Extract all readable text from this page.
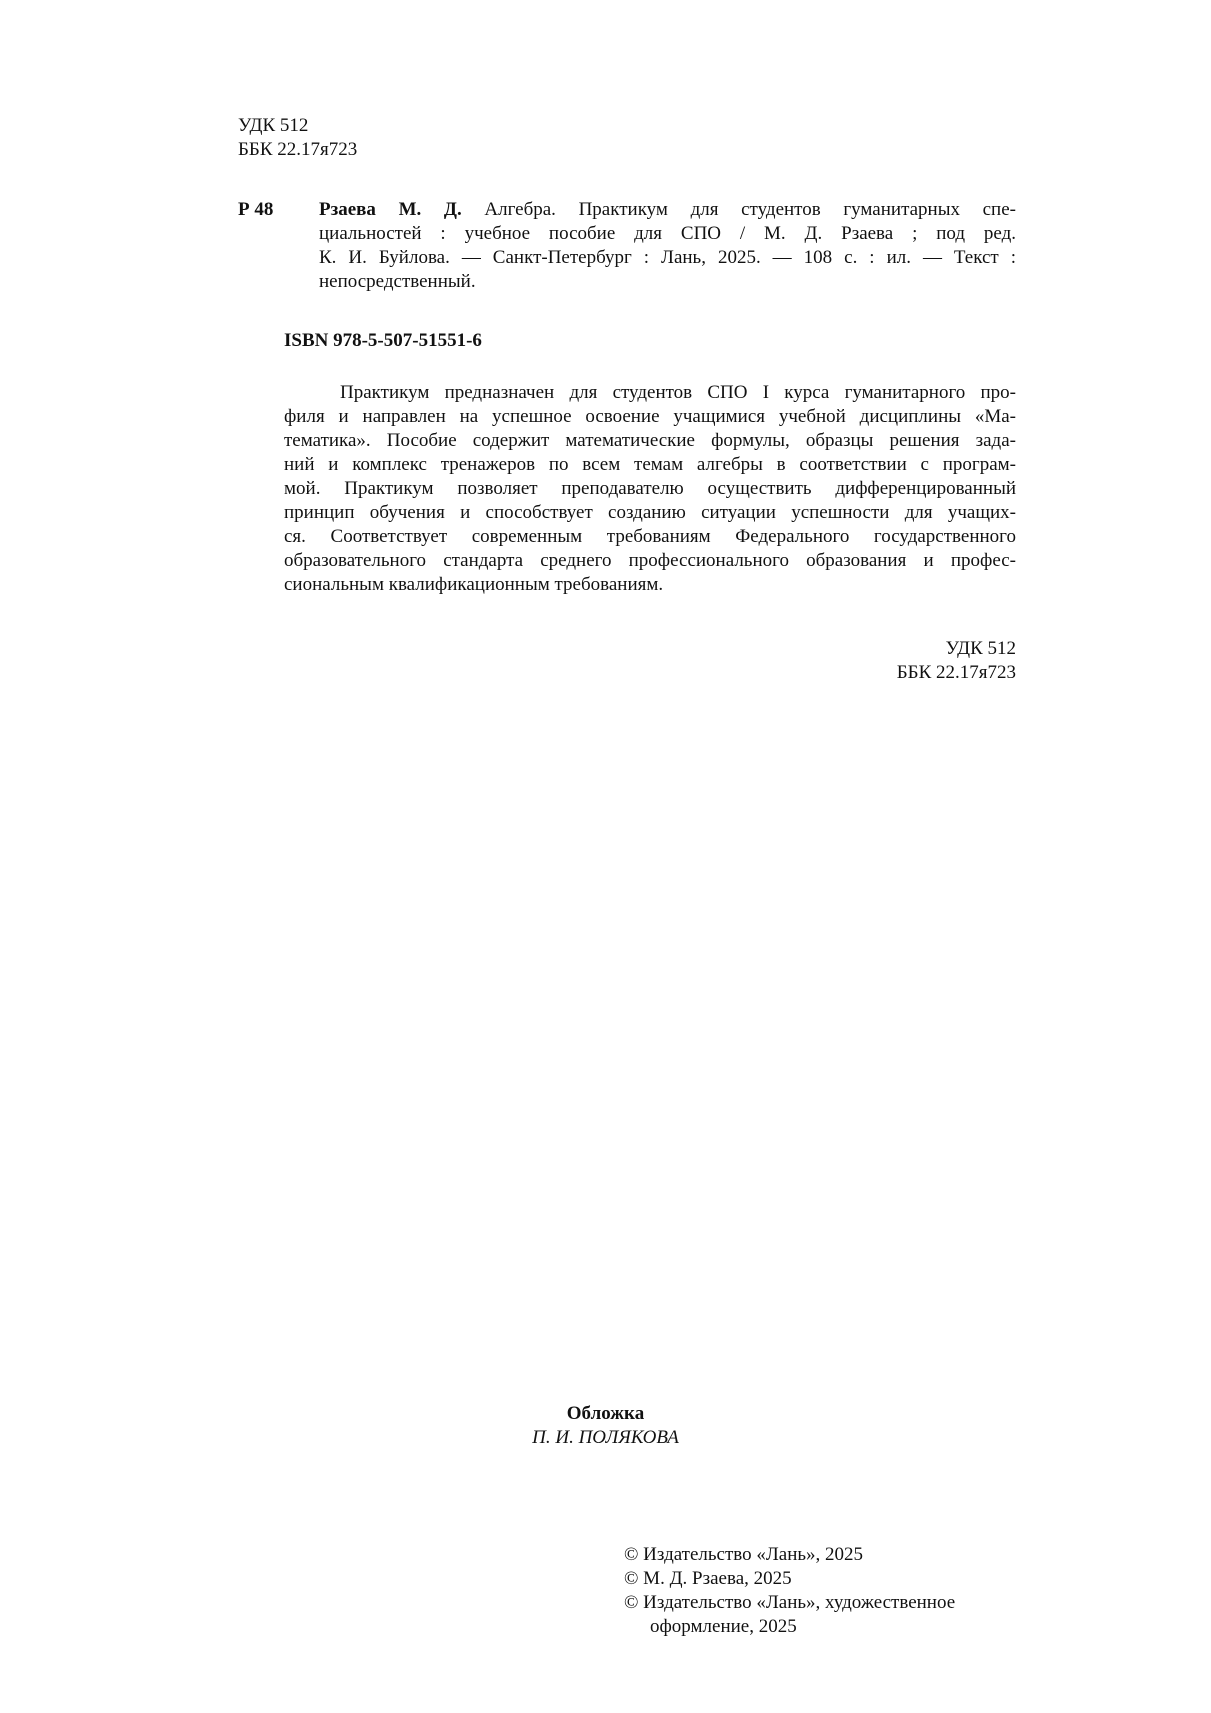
УДК 512
ББК 22.17я723
Р 48 Рзаева М. Д. Алгебра. Практикум для студентов гуманитарных спе-
циальностей : учебное пособие для СПО / М. Д. Рзаева ; под ред.
К. И. Буйлова. — Санкт-Петербург : Лань, 2025. — 108 с. : ил. — Текст :
непосредственный.
ISBN 978-5-507-51551-6
Практикум предназначен для студентов СПО I курса гуманитарного про-
филя и направлен на успешное освоение учащимися учебной дисциплины «Ма-
тематика». Пособие содержит математические формулы, образцы решения зада-
ний и комплекс тренажеров по всем темам алгебры в соответствии с програм-
мой. Практикум позволяет преподавателю осуществить дифференцированный
принцип обучения и способствует созданию ситуации успешности для учащих-
ся. Соответствует современным требованиям Федерального государственного
образовательного стандарта среднего профессионального образования и профес-
сиональным квалификационным требованиям.
УДК 512
ББК 22.17я723
Обложка
П. И. ПОЛЯКОВА
© Издательство «Лань», 2025
© М. Д. Рзаева, 2025
© Издательство «Лань», художественное
оформление, 2025
